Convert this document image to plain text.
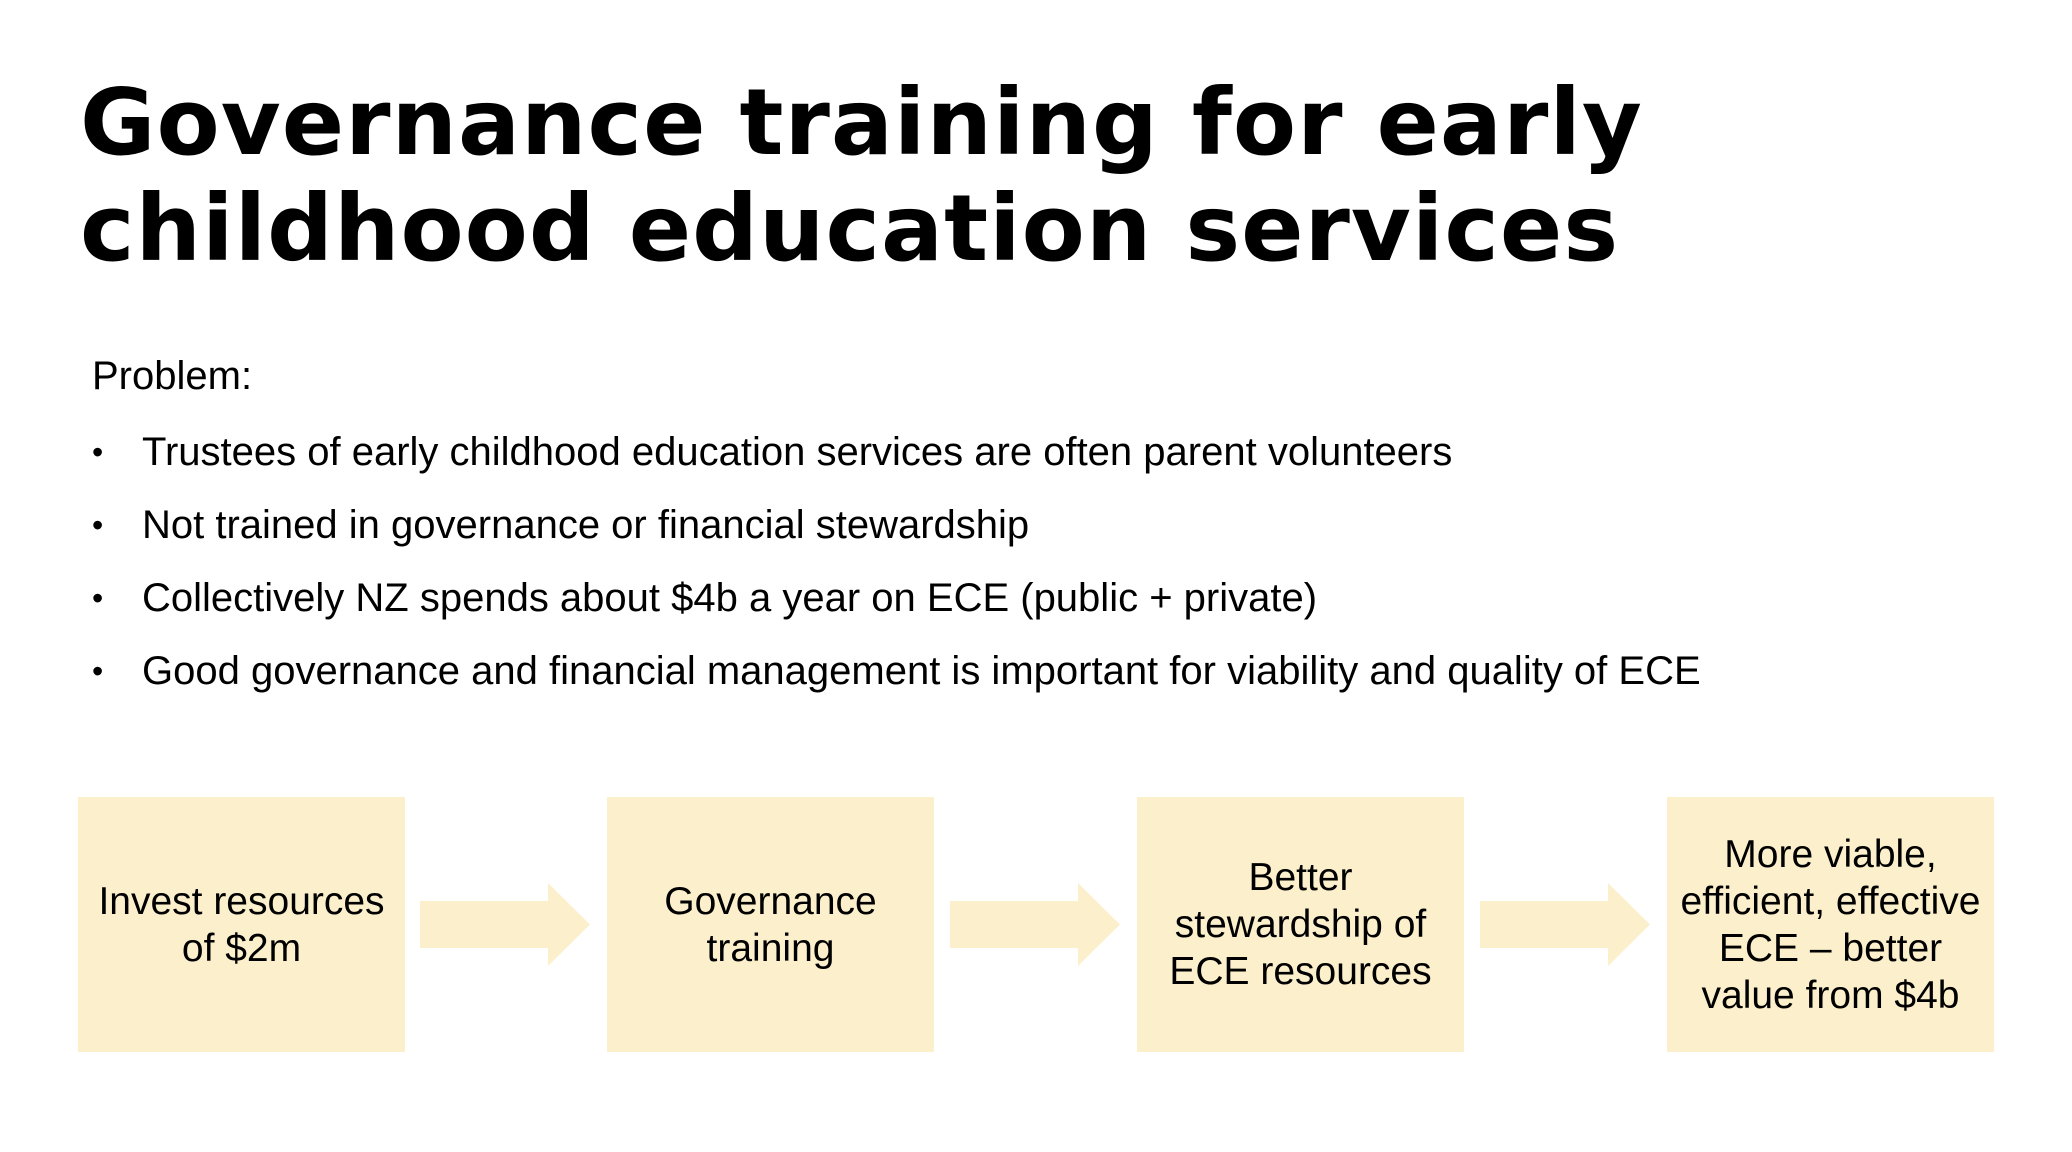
Governance training for early childhood education services
Problem:
• Trustees of early childhood education services are often parent volunteers
• Not trained in governance or financial stewardship
• Collectively NZ spends about $4b a year on ECE (public + private)
• Good governance and financial management is important for viability and quality of ECE
Invest resources of $2m
Governance training
Better stewardship of ECE resources
More viable, efficient, effective ECE – better value from $4b
